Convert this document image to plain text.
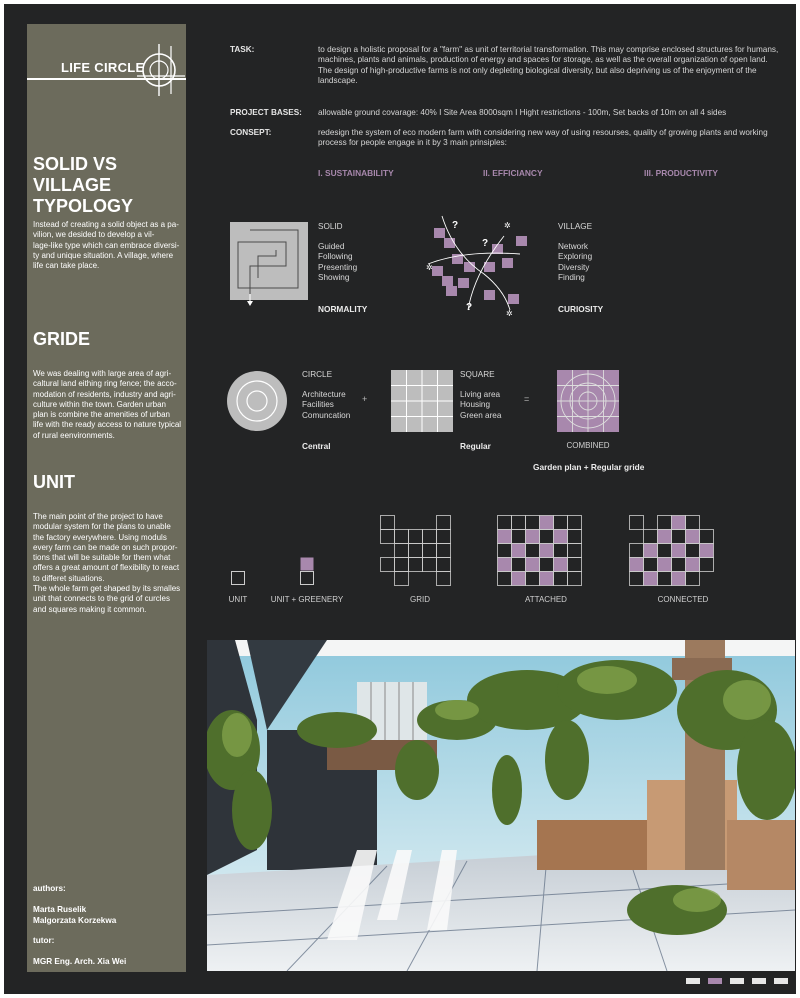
LIFE CIRCLE
SOLID VS VILLAGE
TYPOLOGY
Instead of creating a solid object as a pa-
vilion, we desided to develop a vil-
lage-like type which can embrace diversi-
ty and unique situation. A village, where
life can take place.
GRIDE
We was dealing with large area of agri-
caltural land eithing ring fence; the acco-
modation of residents, industry and agri-
culture within the town. Garden urban
plan is combine the amenities of urban
life with the ready access to nature typical
of rural eenvironments.
UNIT
The main point of the project to have
modular system for the plans to unable
the factory everywhere. Using moduls
every farm can be made on such propor-
tions that will be suitable for them what
offers a great amount of flexibility to react
to differet situations.
The whole farm get shaped by its smalles
unit that connects to the grid of curcles
and squares making it common.
authors:
Marta Ruselik
Malgorzata Korzekwa
tutor:
MGR Eng. Arch. Xia Wei
TASK:	to design a holistic proposal for a "farm" as unit of territorial transformation. This may comprise enclosed structures for humans,
machines, plants and animals, production of energy and spaces for storage, as well as the overall organization of open land.
The design of high-productive farms is not only depleting biological diversity, but also depriving us of the enjoyment of the
landscape.
PROJECT BASES: allowable ground covarage: 40% I Site Area 8000sqm I Hight restrictions - 100m, Set backs of 10m on all 4 sides
CONSEPT:	redesign the system of eco modern farm with considering new way of using resourses, quality of growing plants and working
process for people engage in it by 3 main prinsiples:
I. SUSTAINABILITY	II. EFFICIANCY	III. PRODUCTIVITY
SOLID
Guided
Following
Presenting
Showing
NORMALITY
?
?
?
✲
✲
✲
VILLAGE
Network
Exploring
Diversity
Finding
CURIOSITY
CIRCLE
Architecture
Facilities
Comuncation
Central
+
SQUARE
Living area
Housing
Green area
Regular
=
COMBINED
Garden plan + Regular gride
UNIT	UNIT + GREENERY	GRID	ATTACHED	CONNECTED
